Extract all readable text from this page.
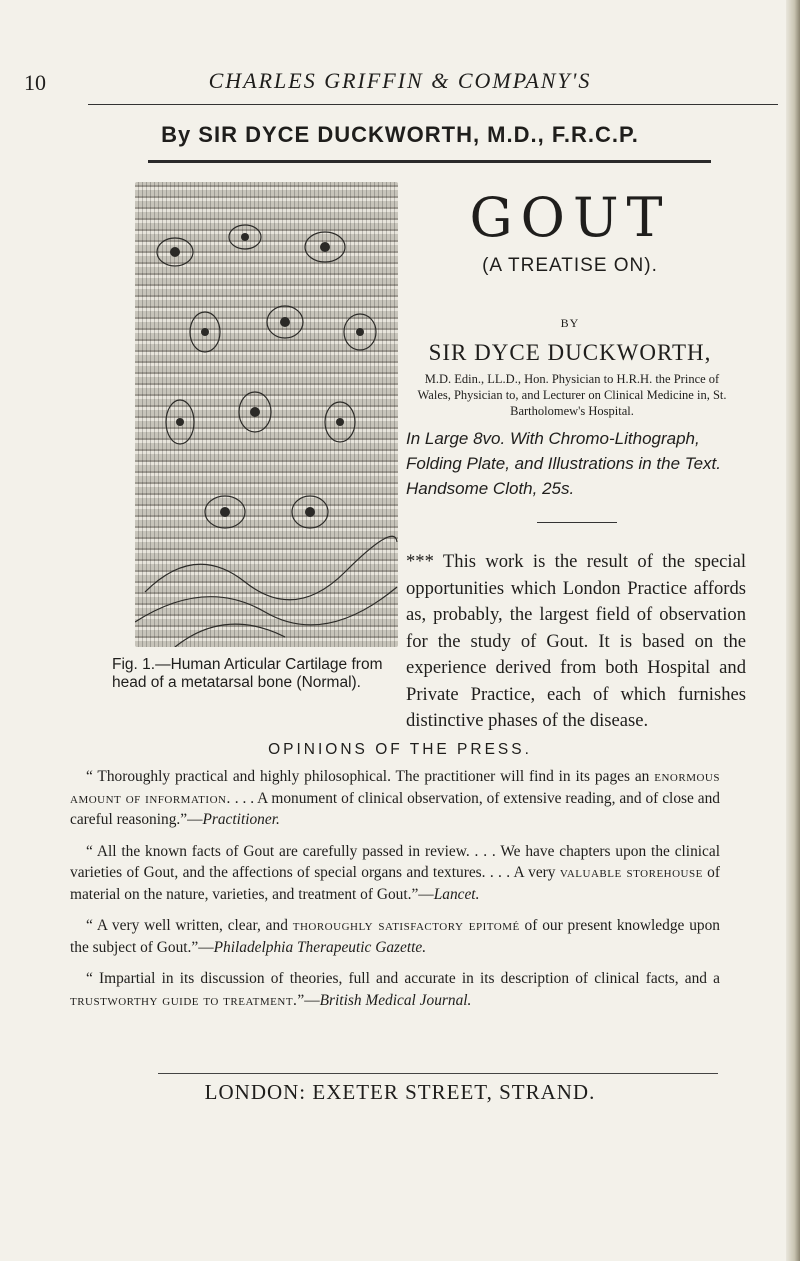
10	CHARLES GRIFFIN & COMPANY'S
By SIR DYCE DUCKWORTH, M.D., F.R.C.P.
Fig. 1.—Human Articular Cartilage from head of a metatarsal bone (Normal).
GOUT
(A TREATISE ON).
BY
SIR DYCE DUCKWORTH,
M.D. Edin., LL.D., Hon. Physician to H.R.H. the Prince of Wales, Physician to, and Lecturer on Clinical Medicine in, St. Bartholomew's Hospital.
In Large 8vo. With Chromo-Lithograph, Folding Plate, and Illustrations in the Text. Handsome Cloth, 25s.
*** This work is the result of the special opportunities which London Practice affords as, probably, the largest field of observation for the study of Gout. It is based on the experience derived from both Hospital and Private Practice, each of which furnishes distinctive phases of the disease.
OPINIONS OF THE PRESS.

“ Thoroughly practical and highly philosophical. The practitioner will find in its pages an enormous amount of information. . . . A monument of clinical observation, of extensive reading, and of close and careful reasoning.”—Practitioner.

“ All the known facts of Gout are carefully passed in review. . . . We have chapters upon the clinical varieties of Gout, and the affections of special organs and textures. . . . A very valuable storehouse of material on the nature, varieties, and treatment of Gout.”—Lancet.

“ A very well written, clear, and thoroughly satisfactory epitomé of our present knowledge upon the subject of Gout.”—Philadelphia Therapeutic Gazette.

“ Impartial in its discussion of theories, full and accurate in its description of clinical facts, and a trustworthy guide to treatment.”—British Medical Journal.

LONDON: EXETER STREET, STRAND.
